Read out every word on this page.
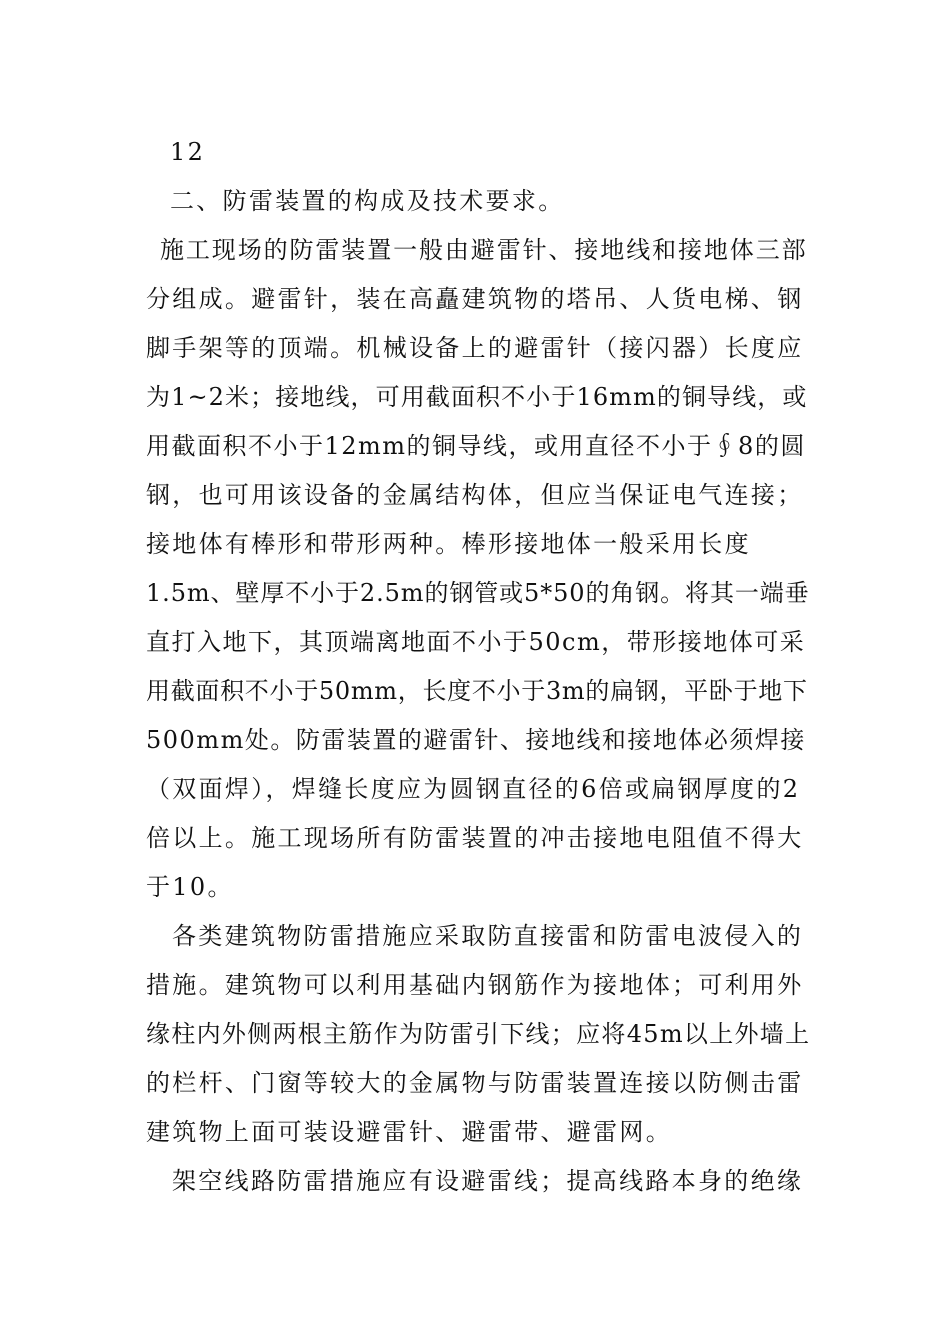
12
二、防雷装置的构成及技术要求。
施工现场的防雷装置一般由避雷针、接地线和接地体三部
分组成。避雷针，装在高矗建筑物的塔吊、人货电梯、钢
脚手架等的顶端。机械设备上的避雷针（接闪器）长度应
为1~2米；接地线，可用截面积不小于16mm的铜导线，或
用截面积不小于12mm的铜导线，或用直径不小于∮8的圆
钢，也可用该设备的金属结构体，但应当保证电气连接；
接地体有棒形和带形两种。棒形接地体一般采用长度
1.5m、壁厚不小于2.5m的钢管或5*50的角钢。将其一端垂
直打入地下，其顶端离地面不小于50cm，带形接地体可采
用截面积不小于50mm，长度不小于3m的扁钢，平卧于地下
500mm处。防雷装置的避雷针、接地线和接地体必须焊接
（双面焊），焊缝长度应为圆钢直径的6倍或扁钢厚度的2
倍以上。施工现场所有防雷装置的冲击接地电阻值不得大
于10。
各类建筑物防雷措施应采取防直接雷和防雷电波侵入的
措施。建筑物可以利用基础内钢筋作为接地体；可利用外
缘柱内外侧两根主筋作为防雷引下线；应将45m以上外墙上
的栏杆、门窗等较大的金属物与防雷装置连接以防侧击雷
建筑物上面可装设避雷针、避雷带、避雷网。
架空线路防雷措施应有设避雷线；提高线路本身的绝缘
